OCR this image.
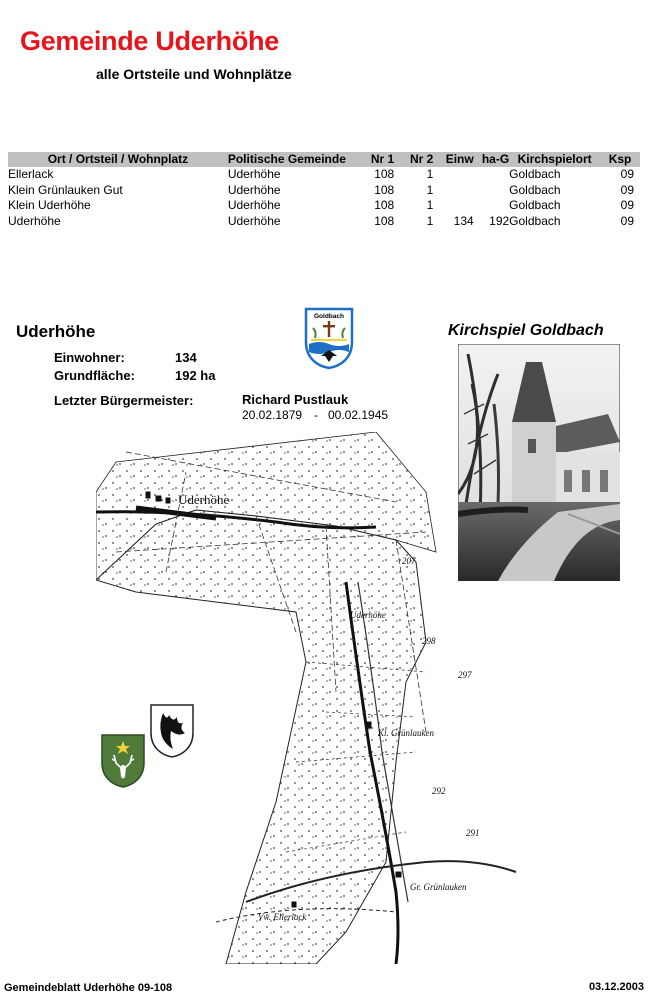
Gemeinde Uderhöhe
alle Ortsteile und Wohnplätze
Ort / Ortsteil / Wohnplatz	Politische Gemeinde	Nr 1	Nr 2	Einw	ha-G	Kirchspielort	Ksp
Ellerlack	Uderhöhe	108	1			Goldbach	09
Klein Grünlauken Gut	Uderhöhe	108	1			Goldbach	09
Klein Uderhöhe	Uderhöhe	108	1			Goldbach	09
Uderhöhe	Uderhöhe	108	1	134	192	Goldbach	09
Uderhöhe
Einwohner:	134
Grundfläche:	192 ha
Letzter Bürgermeister:	Richard Pustlauk
20.02.1879 - 00.02.1945
Goldbach
Kirchspiel Goldbach
Uderhöhe
Uderhöhe
Kl. Grünlauken
Gr. Grünlauken
Vw. Ellerlack
298
297
292
291
207
Gemeindeblatt Uderhöhe 09-108	03.12.2003
